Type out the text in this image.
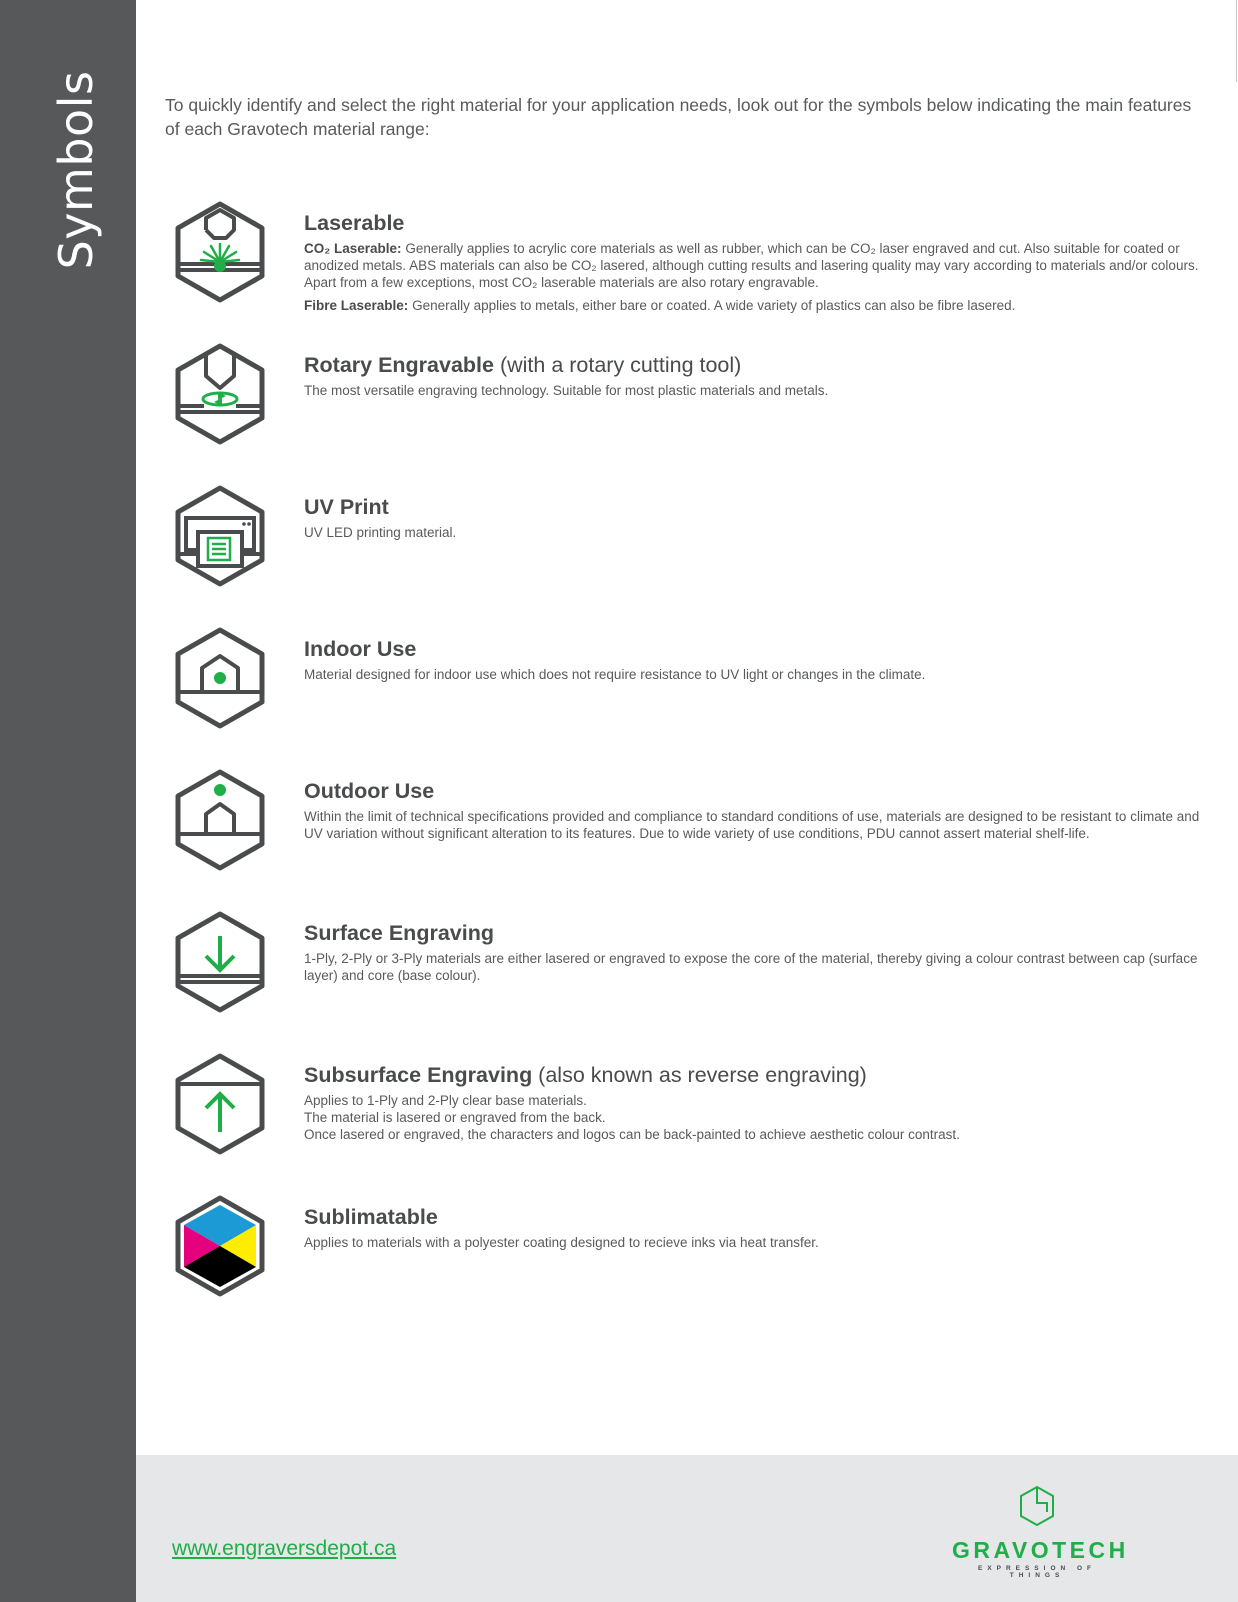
Symbols	To quickly identify and select the right material for your application needs, look out for the symbols below indicating the main features of each Gravotech material range:
Laserable

CO₂ Laserable: Generally applies to acrylic core materials as well as rubber, which can be CO₂ laser engraved and cut. Also suitable for coated or anodized metals. ABS materials can also be CO₂ lasered, although cutting results and lasering quality may vary according to materials and/or colours. Apart from a few exceptions, most CO₂ laserable materials are also rotary engravable.

Fibre Laserable: Generally applies to metals, either bare or coated. A wide variety of plastics can also be fibre lasered.

Rotary Engravable (with a rotary cutting tool)

The most versatile engraving technology. Suitable for most plastic materials and metals.

UV Print

UV LED printing material.

Indoor Use

Material designed for indoor use which does not require resistance to UV light or changes in the climate.

Outdoor Use

Within the limit of technical specifications provided and compliance to standard conditions of use, materials are designed to be resistant to climate and UV variation without significant alteration to its features. Due to wide variety of use conditions, PDU cannot assert material shelf-life.

Surface Engraving

1-Ply, 2-Ply or 3-Ply materials are either lasered or engraved to expose the core of the material, thereby giving a colour contrast between cap (surface layer) and core (base colour).

Subsurface Engraving (also known as reverse engraving)

Applies to 1-Ply and 2-Ply clear base materials.

The material is lasered or engraved from the back.

Once lasered or engraved, the characters and logos can be back-painted to achieve aesthetic colour contrast.

Sublimatable

Applies to materials with a polyester coating designed to recieve inks via heat transfer.

www.engraversdepot.ca	GRAVOTECH
EXPRESSION OF THINGS
